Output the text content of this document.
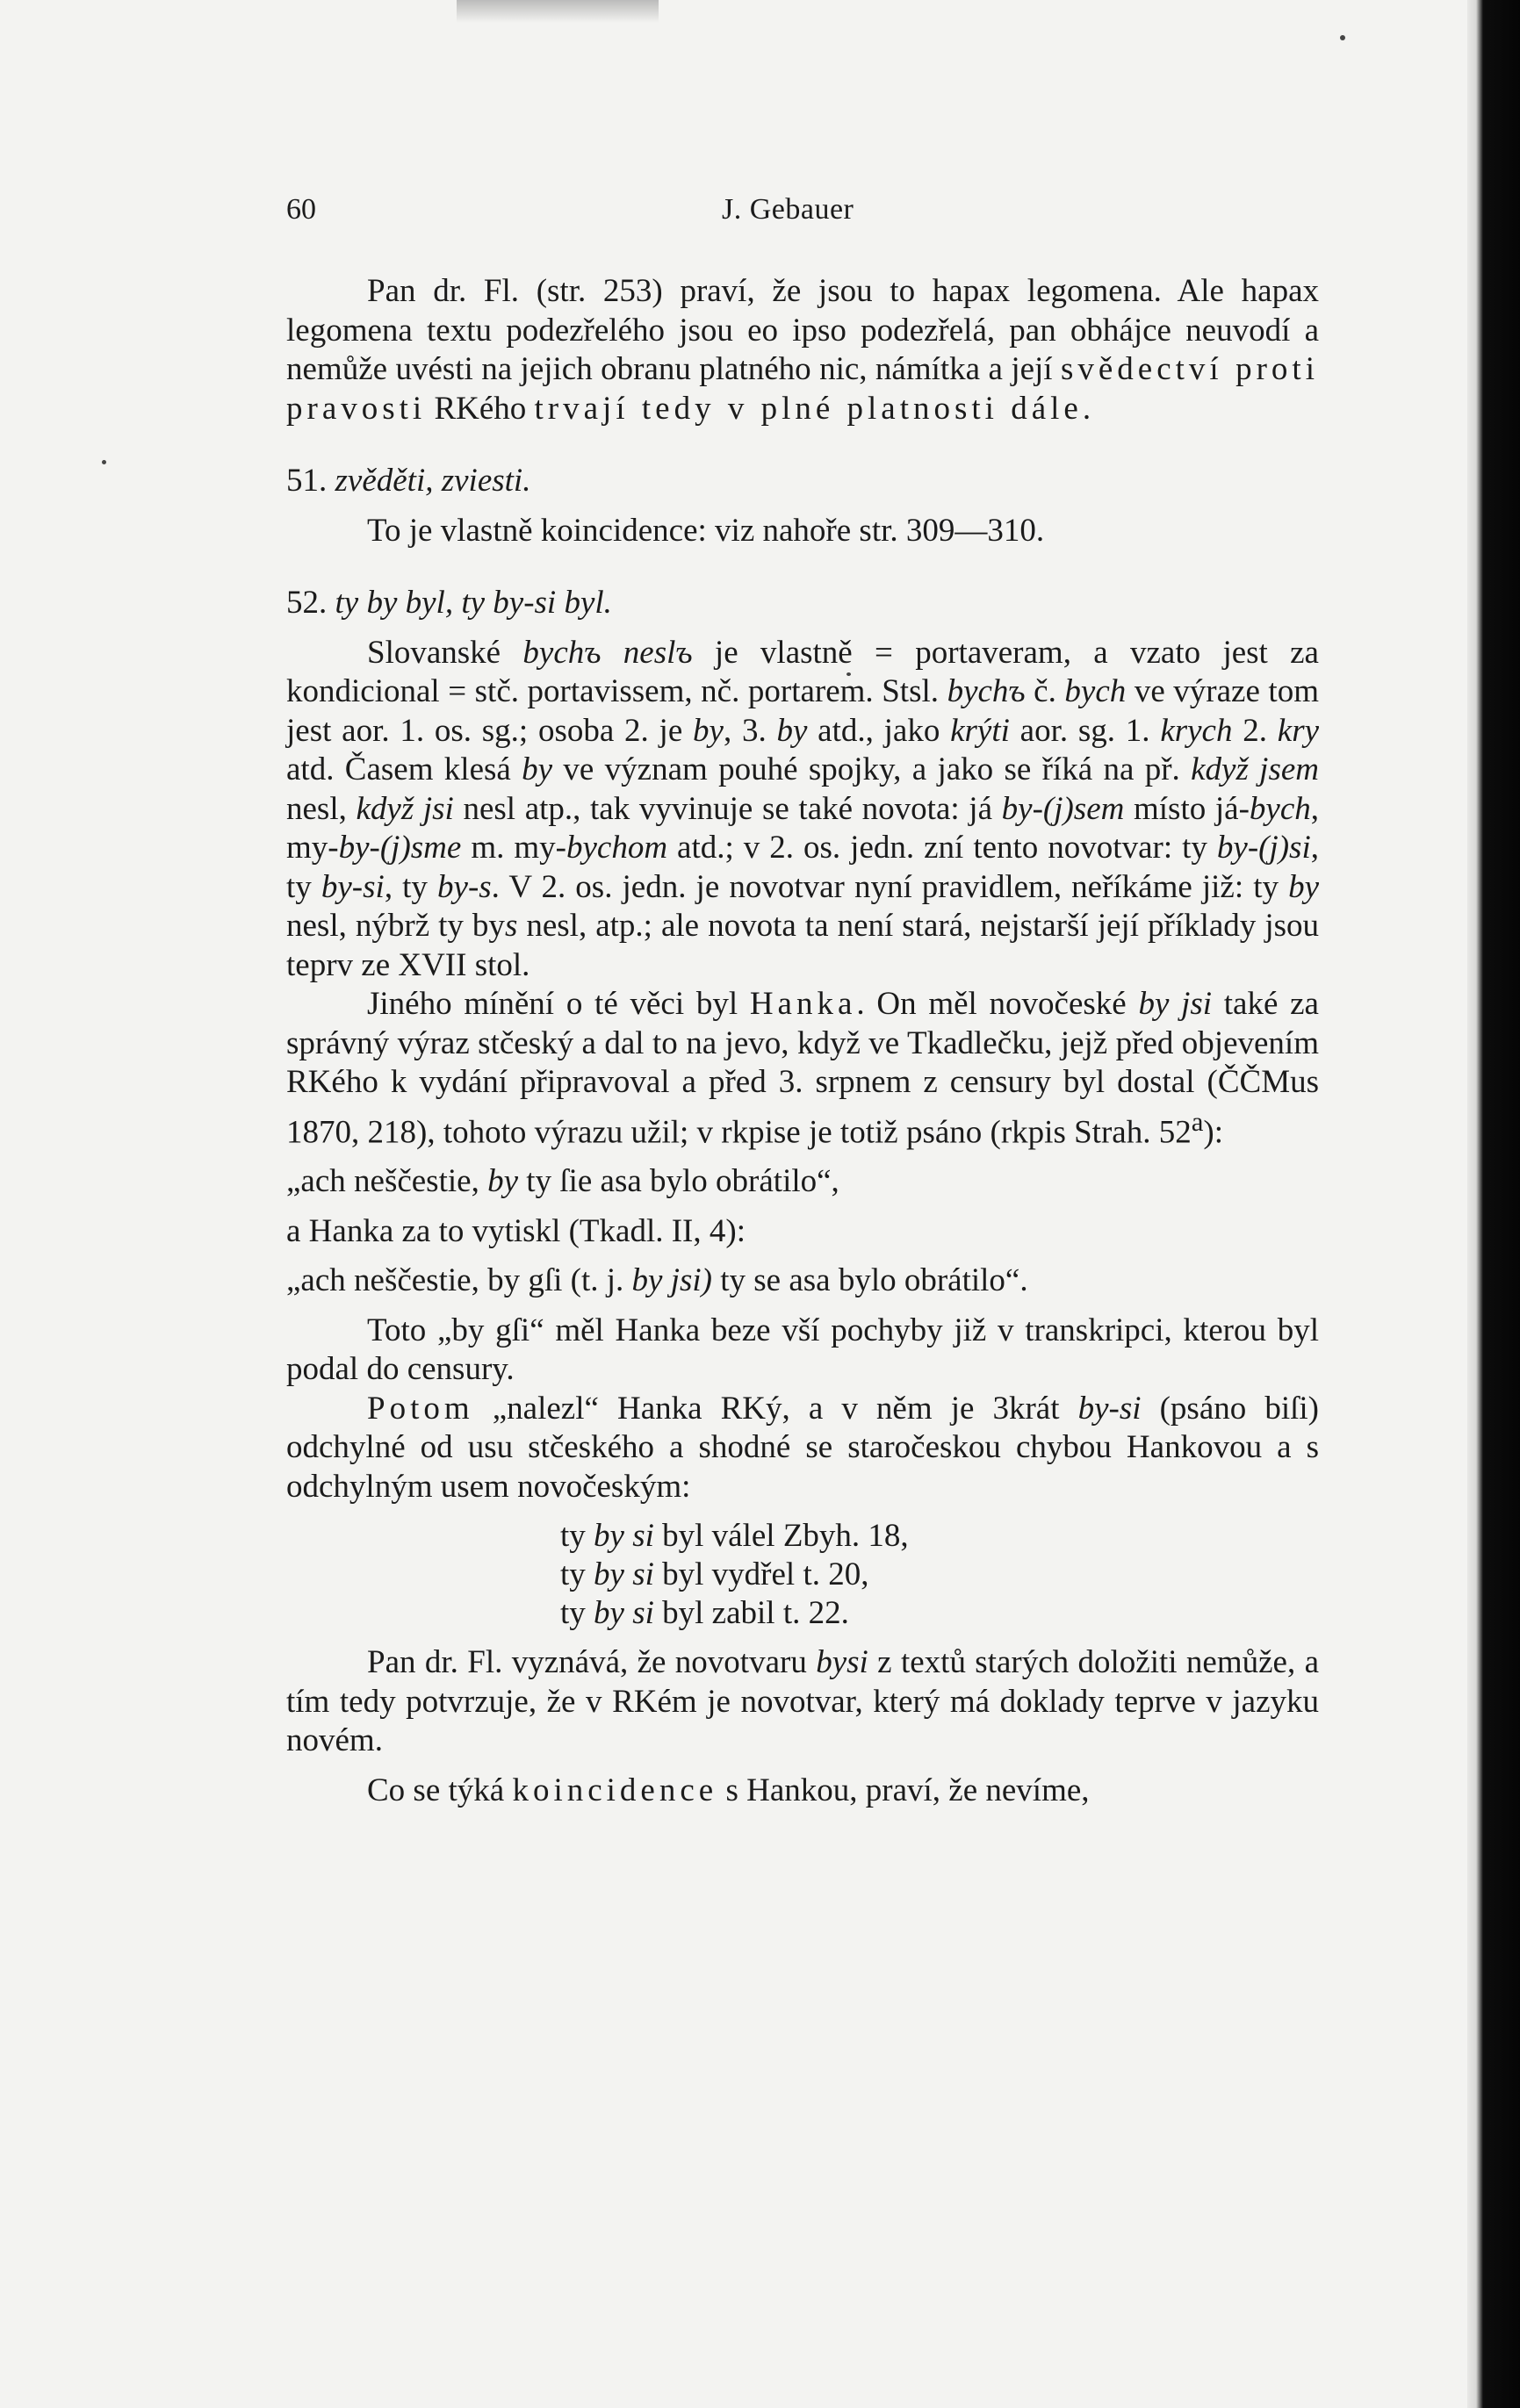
60	J. Gebauer

Pan dr. Fl. (str. 253) praví, že jsou to hapax legomena. Ale hapax legomena textu podezřelého jsou eo ipso podezřelá, pan obhájce neuvodí a nemůže uvésti na jejich obranu platného nic, námítka a její svědectví proti pravosti RKého trvají tedy v plné platnosti dále.

51. zvěděti, zviesti.

To je vlastně koincidence: viz nahoře str. 309—310.

52. ty by byl, ty by-si byl.

Slovanské bychъ neslъ je vlastně = portaveram, a vzato jest za kondicional = stč. portavissem, nč. portarem. Stsl. bychъ č. bych ve výraze tom jest aor. 1. os. sg.; osoba 2. je by, 3. by atd., jako krýti aor. sg. 1. krych 2. kry atd. Časem klesá by ve význam pouhé spojky, a jako se říká na př. když jsem nesl, když jsi nesl atp., tak vyvinuje se také novota: já by-(j)sem místo já-bych, my-by-(j)sme m. my-bychom atd.; v 2. os. jedn. zní tento novotvar: ty by-(j)si, ty by-si, ty by-s. V 2. os. jedn. je novotvar nyní pravidlem, neříkáme již: ty by nesl, nýbrž ty bys nesl, atp.; ale novota ta není stará, nejstarší její příklady jsou teprv ze XVII stol.

Jiného mínění o té věci byl Hanka. On měl novočeské by jsi také za správný výraz stčeský a dal to na jevo, když ve Tkadlečku, jejž před objevením RKého k vydání připravoval a před 3. srpnem z censury byl dostal (ČČMus 1870, 218), tohoto výrazu užil; v rkpise je totiž psáno (rkpis Strah. 52$^a$):

„ach neščestie, by ty ſie asa bylo obrátilo“,

a Hanka za to vytiskl (Tkadl. II, 4):

„ach neščestie, by gſi (t. j. by jsi) ty se asa bylo obrátilo“.

Toto „by gſi“ měl Hanka beze vší pochyby již v transkripci, kterou byl podal do censury.

Potom „nalezl“ Hanka RKý, a v něm je 3krát by-si (psáno biſi) odchylné od usu stčeského a shodné se staročeskou chybou Hankovou a s odchylným usem novočeským:

ty by si byl válel Zbyh. 18,
ty by si byl vydřel t. 20,
ty by si byl zabil t. 22.

Pan dr. Fl. vyznává, že novotvaru bysi z textů starých doložiti nemůže, a tím tedy potvrzuje, že v RKém je novotvar, který má doklady teprve v jazyku novém.

Co se týká koincidence s Hankou, praví, že nevíme,
